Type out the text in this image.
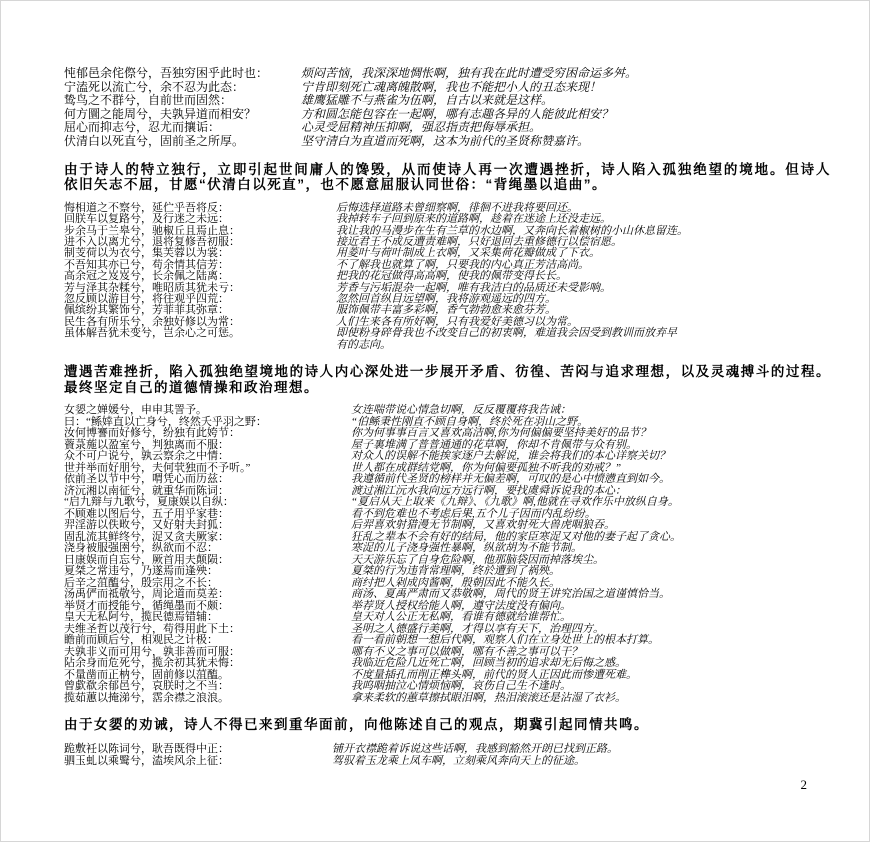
忳郁邑余侘傺兮，吾独穷困乎此时也：	烦闷苦恼，我深深地惆怅啊，独有我在此时遭受穷困命运多舛。
宁溘死以流亡兮，余不忍为此态：	宁肯即刻死亡魂离魄散啊，我也不能把小人的丑态来现！
鸷鸟之不群兮，自前世而固然：	雄鹰猛雕不与燕雀为伍啊，自古以来就是这样。
何方圜之能周兮，夫孰异道而相安？	方和圆怎能包容在一起啊，哪有志趣各异的人能彼此相安？
屈心而抑志兮，忍尤而攘诟：	心灵受屈精神压抑啊，强忍指责把侮辱承担。
伏清白以死直兮，固前圣之所厚。	坚守清白为直道而死啊，这本为前代的圣贤称赞嘉许。
由于诗人的特立独行，立即引起世间庸人的馋毁，从而使诗人再一次遭遇挫折，诗人陷入孤独绝望的境地。但诗人
依旧矢志不屈，甘愿“伏清白以死直”，也不愿意屈服认同世俗：“背绳墨以追曲”。
悔相道之不察兮，延伫乎吾将反：	后悔选择道路未曾细察啊，徘徊不进我将要回还。
回朕车以复路兮，及行迷之未远：	我掉转车子回到原来的道路啊，趁着在迷途上还没走远。
步余马于兰皋兮，驰椒丘且焉止息：	我让我的马漫步在生有兰草的水边啊，又奔向长着椒树的小山休息留连。
进不入以离尤兮，退将复修吾初服：	接近君王不成反遭责难啊，只好退回去重修德行以偿宿愿。
制芰荷以为衣兮，集芙蓉以为裳：	用菱叶与荷叶制成上衣啊，又采集荷花瓣做成了下衣。
不吾知其亦已兮，苟余情其信芳：	不了解我也就算了啊，只要我的内心真正芳洁高尚。
高余冠之岌岌兮，长余佩之陆离：	把我的花冠做得高高啊，使我的佩带变得长长。
芳与泽其杂糅兮，唯昭质其犹未亏：	芳香与污垢混杂一起啊，唯有我洁白的品质还未受影响。
忽反顾以游目兮，将往观乎四荒：	忽然回首纵目远望啊，我将游观遥远的四方。
佩缤纷其繁饰兮，芳菲菲其弥章：	服饰佩带丰富多彩啊，香气勃勃愈来愈芬芳。
民生各有所乐兮，余独好修以为常：	人们生来各有所好啊，只有我爱好美德习以为常。
虽体解吾犹未变兮，岂余心之可惩。	即使粉身碎骨我也不改变自己的初衷啊，难道我会因受到教训而放弃早
有的志向。
遭遇苦难挫折，陷入孤独绝望境地的诗人内心深处进一步展开矛盾、彷徨、苦闷与追求理想，以及灵魂搏斗的过程。
最终坚定自己的道德情操和政治理想。
女媭之婵媛兮，申申其詈予。	女连喘带说心情急切啊，反反覆覆将我告诫：
曰：“鲧婞直以亡身兮，终然夭乎羽之野：	“伯鲧秉性刚直不顾自身啊，终於死在羽山之野。
汝何博謇而好修兮，纷独有此姱节：	你为何事事百言又喜欢高洁啊,你为何偏偏要坚持美好的品节？
薋菉葹以盈室兮，判独离而不服：	屋子裏堆满了普普通通的花草啊，你却不肯佩带与众有别。
众不可户说兮，孰云察余之中情：	对众人的误解不能挨家逐户去解说，谁会将我们的本心详察关切？
世并举而好朋兮，夫何茕独而不予听。”	世人都在成群结党啊，你为何偏要孤独不听我的劝戒？”
依前圣以节中兮，喟凭心而历兹：	我遵循前代圣贤的榜样并无偏差啊，可叹的是心中愤懑直到如今。
济沅湘以南征兮，就重华而陈词：	渡过湘江沅水我向远方远行啊，要找虞舜诉说我的本心：
“启九辩与九歌兮，夏康娱以自纵：	“夏启从天上取来《九辩》、《九歌》啊,他就在寻欢作乐中放纵自身。
不顾难以图后兮，五子用乎家巷：	看不到危难也不考虑后果,五个儿子因而内乱纷纷。
羿淫游以佚畋兮，又好射夫封狐：	后羿喜欢射猎漫无节制啊，又喜欢射死大兽虎咽狼吞。
固乱流其鲜终兮，浞又贪夫厥家：	狂乱之辈本不会有好的结局，他的家臣寒浞又对他的妻子起了贪心。
浇身被服强圉兮，纵欲而不忍：	寒浞的儿子浇身强性暴啊，纵欲胡为不能节制。
日康娱而自忘兮，厥首用夫颠陨：	天天游乐忘了自身危险啊，他那脑袋因而掉落埃尘。
夏桀之常违兮，乃遂焉而逢殃：	夏桀的行为违背常理啊，终於遭到了祸殃。
后辛之菹醢兮，殷宗用之不长：	商纣把人剁成肉酱啊，殷朝因此不能久长。
汤禹俨而祗敬兮，周论道而莫差：	商汤、夏禹严肃而又恭敬啊，周代的贤王讲究治国之道谨慎恰当。
举贤才而授能兮，循绳墨而不颇：	举荐贤人授权给能人啊，遵守法度没有偏向。
皇天无私阿兮，揽民德焉错辅：	皇天对人公正无私啊，看谁有德就给谁帮忙。
夫维圣哲以茂行兮，苟得用此下土：	圣明之人德盛行美啊，才得以享有天下，治理四方。
瞻前而顾后兮，相观民之计极：	看一看前朝想一想后代啊，观察人们在立身处世上的根本打算。
夫孰非义而可用兮，孰非善而可服：	哪有不义之事可以做啊，哪有不善之事可以干？
阽余身而危死兮，揽余初其犹未悔：	我临近危险几近死亡啊，回顾当初的追求却无后悔之感。
不量凿而正枘兮，固前修以菹醢。	不度量插孔而削正榫头啊，前代的贤人正因此而惨遭死难。
曾歔欷余郁邑兮，哀朕时之不当：	我呜咽抽泣心情烦恼啊，哀伤自己生不逢时。
揽茹蕙以掩涕兮，霑余襟之浪浪。	拿来柔软的蕙草擦拭眼泪啊，热泪滚滚还是沾湿了衣衫。
由于女媭的劝诫，诗人不得已来到重华面前，向他陈述自己的观点，期冀引起同情共鸣。
跪敷衽以陈词兮，耿吾既得中正：	铺开衣襟跪着诉说这些话啊，我感到豁然开朗已找到正路。
驷玉虬以乘鹥兮，溘埃风余上征：	驾驭着玉龙乘上凤车啊，立刻乘风奔向天上的征途。
2
